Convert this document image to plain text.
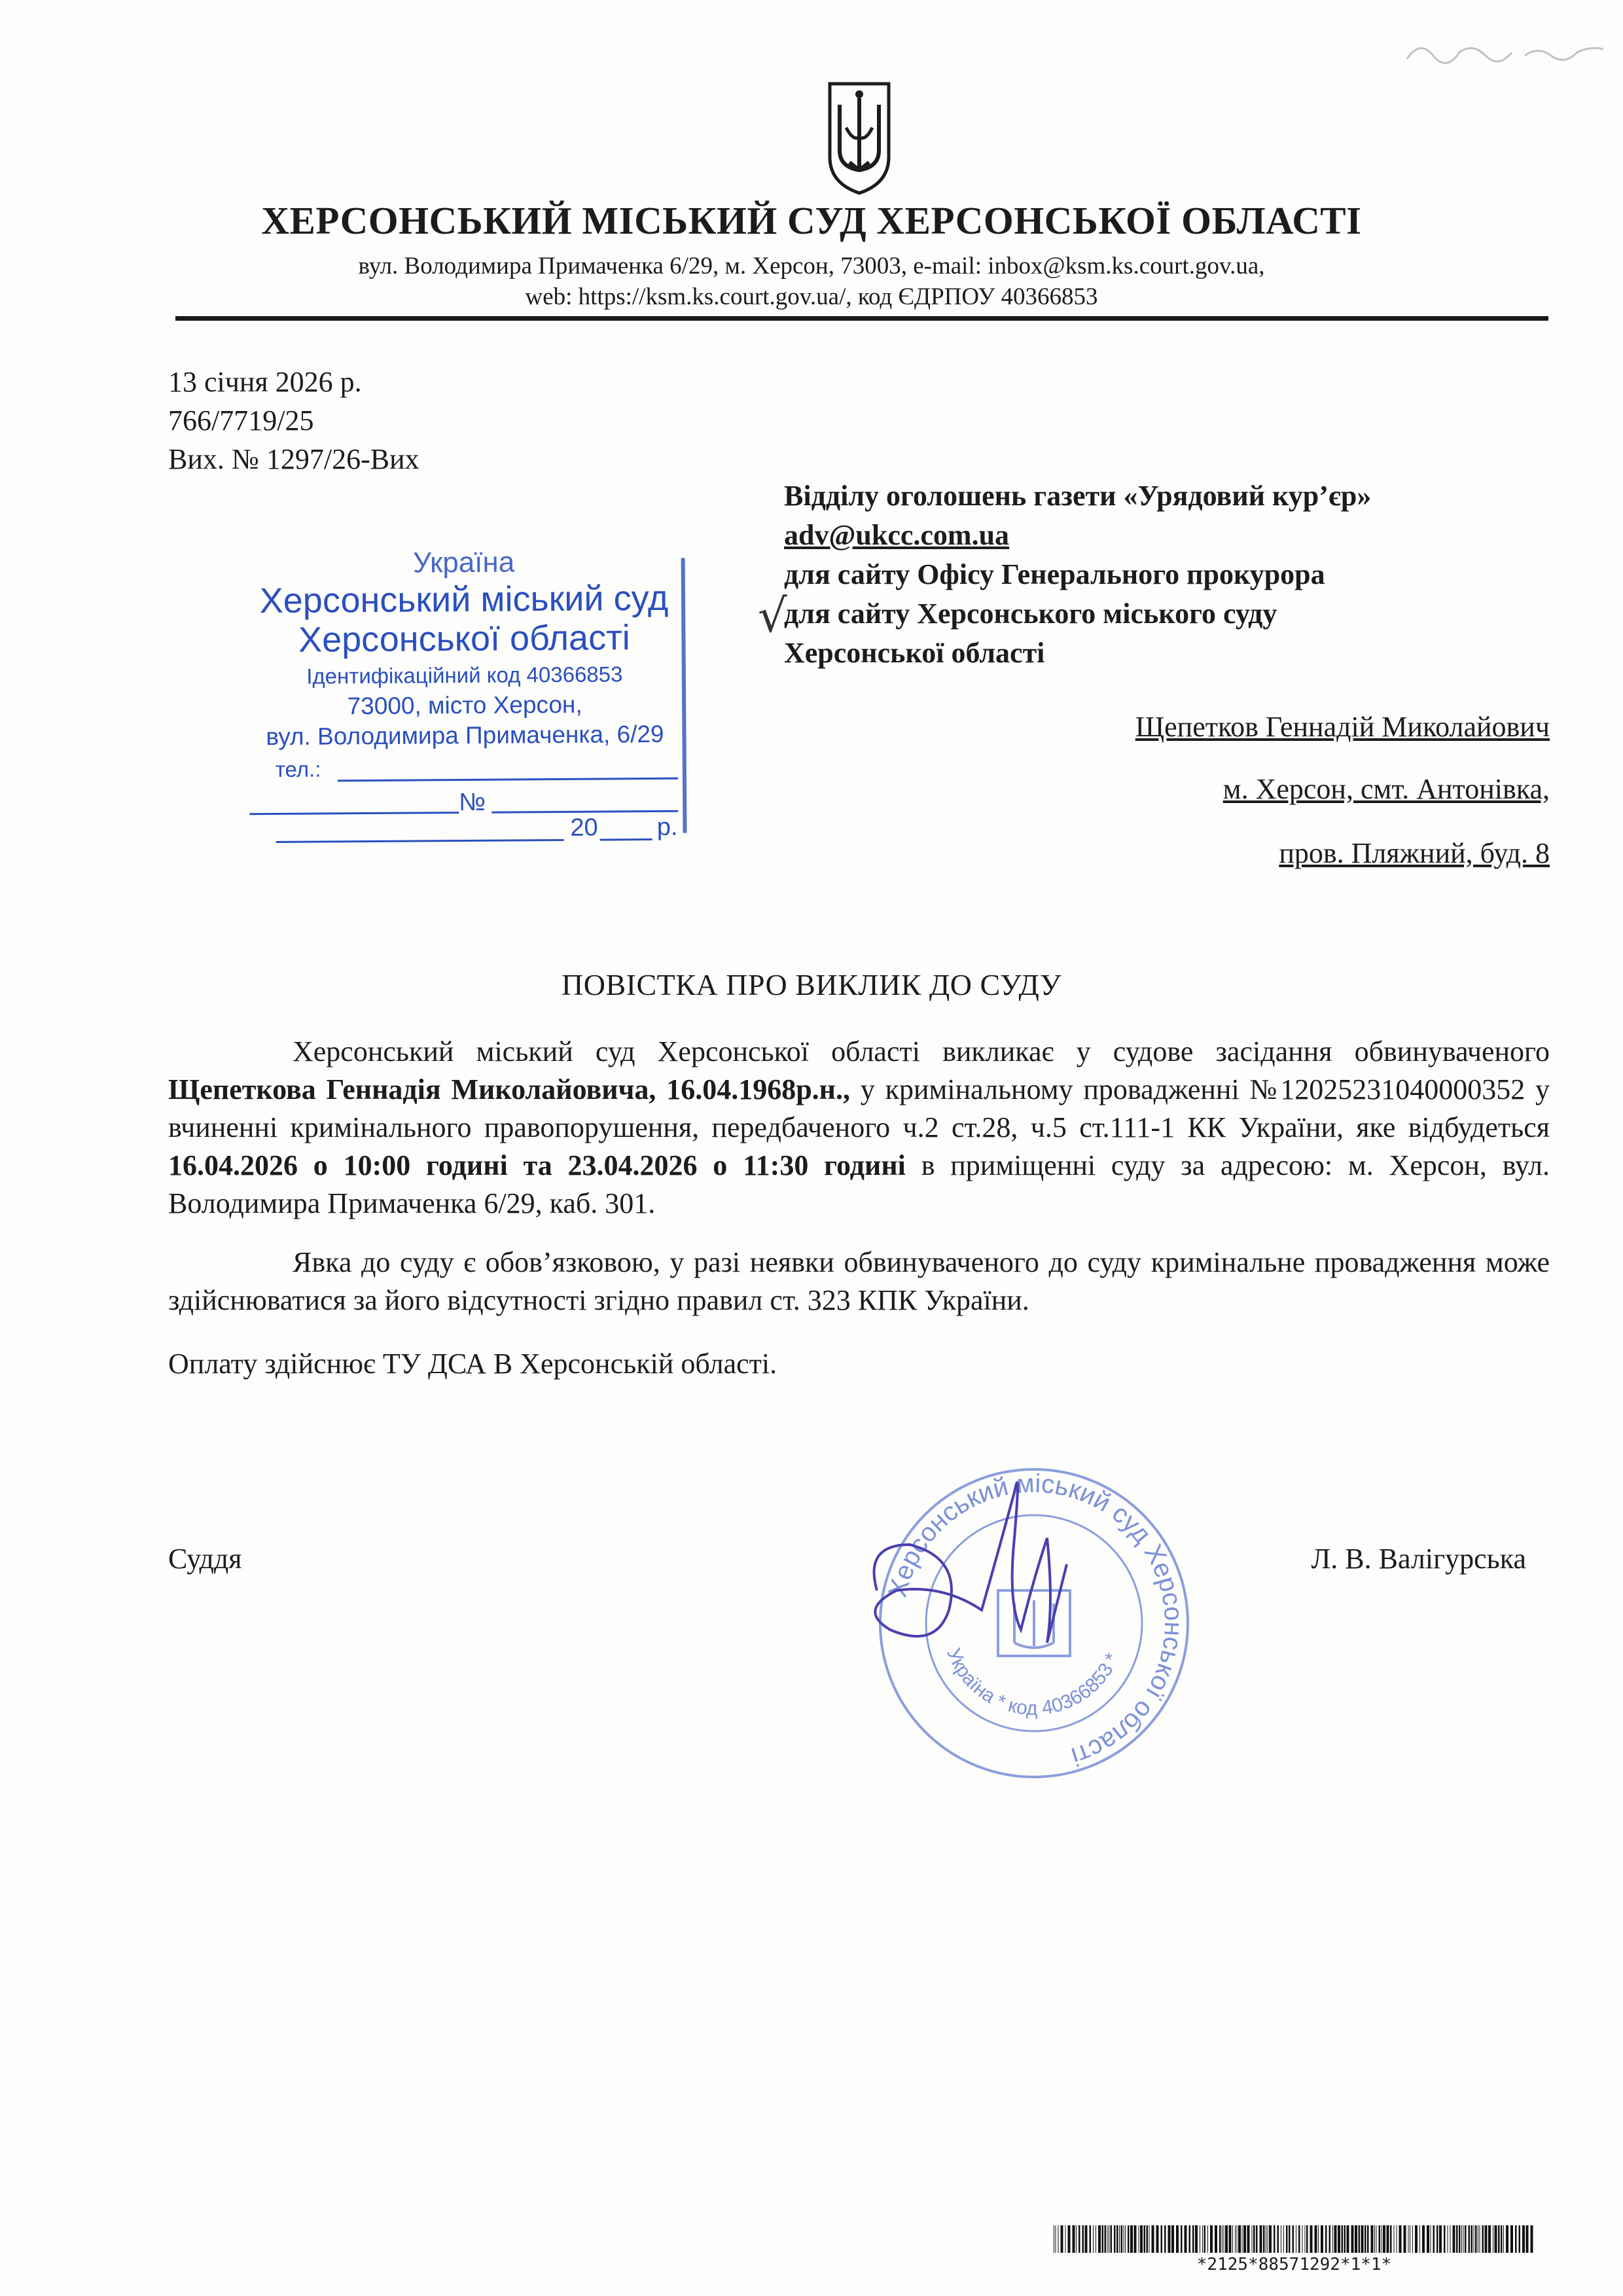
ХЕРСОНСЬКИЙ МІСЬКИЙ СУД ХЕРСОНСЬКОЇ ОБЛАСТІ
вул. Володимира Примаченка 6/29, м. Херсон, 73003, e-mail: inbox@ksm.ks.court.gov.ua,
web: https://ksm.ks.court.gov.ua/, код ЄДРПОУ 40366853
13 січня 2026 р.
766/7719/25
Вих. № 1297/26-Вих
Україна
Херсонський міський суд
Херсонської області
Ідентифікаційний код 40366853
73000, місто Херсон,
вул. Володимира Примаченка, 6/29
тел.:
№
20 р.
Відділу оголошень газети «Урядовий кур’єр»
adv@ukcc.com.ua
для сайту Офісу Генерального прокурора
√
для сайту Херсонського міського суду
Херсонської області
Щепетков Геннадій Миколайович
м. Херсон, смт. Антонівка,
пров. Пляжний, буд. 8
ПОВІСТКА ПРО ВИКЛИК ДО СУДУ

Херсонський міський суд Херсонської області викликає у судове засідання обвинуваченого Щепеткова Геннадія Миколайовича, 16.04.1968р.н., у кримінальному провадженні №12025231040000352 у вчиненні кримінального правопорушення, передбаченого ч.2 ст.28, ч.5 ст.111-1 КК України, яке відбудеться 16.04.2026 о 10:00 годині та 23.04.2026 о 11:30 годині в приміщенні суду за адресою: м. Херсон, вул. Володимира Примаченка 6/29, каб. 301.

Явка до суду є обов’язковою, у разі неявки обвинуваченого до суду кримінальне провадження може здійснюватися за його відсутності згідно правил ст. 323 КПК України.

Оплату здійснює ТУ ДСА В Херсонській області.

Суддя	Л. В. Валігурська
Херсонський міський суд Херсонської області
Україна * код 40366853 *
*2125*88571292*1*1*
